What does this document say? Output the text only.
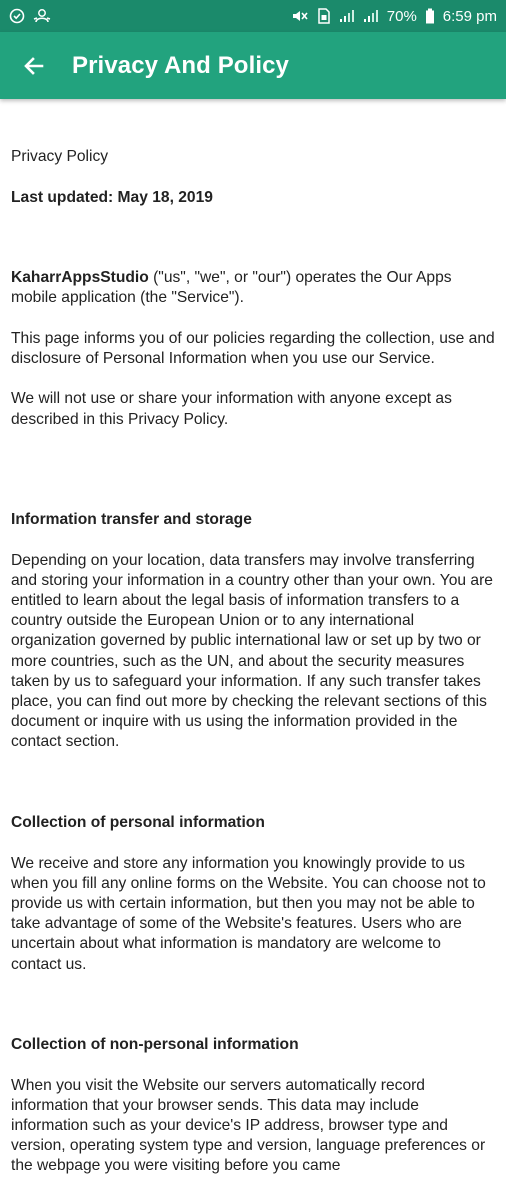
70% 6:59 pm
Privacy And Policy

Privacy Policy

Last updated: May 18, 2019

KaharrAppsStudio ("us", "we", or "our") operates the Our Apps mobile application (the "Service").

This page informs you of our policies regarding the collection, use and disclosure of Personal Information when you use our Service.

We will not use or share your information with anyone except as described in this Privacy Policy.

Information transfer and storage

Depending on your location, data transfers may involve transferring and storing your information in a country other than your own. You are entitled to learn about the legal basis of information transfers to a country outside the European Union or to any international organization governed by public international law or set up by two or more countries, such as the UN, and about the security measures taken by us to safeguard your information. If any such transfer takes place, you can find out more by checking the relevant sections of this document or inquire with us using the information provided in the contact section.

Collection of personal information

We receive and store any information you knowingly provide to us when you fill any online forms on the Website. You can choose not to provide us with certain information, but then you may not be able to take advantage of some of the Website's features. Users who are uncertain about what information is mandatory are welcome to contact us.

Collection of non-personal information

When you visit the Website our servers automatically record information that your browser sends. This data may include information such as your device's IP address, browser type and version, operating system type and version, language preferences or the webpage you were visiting before you came
